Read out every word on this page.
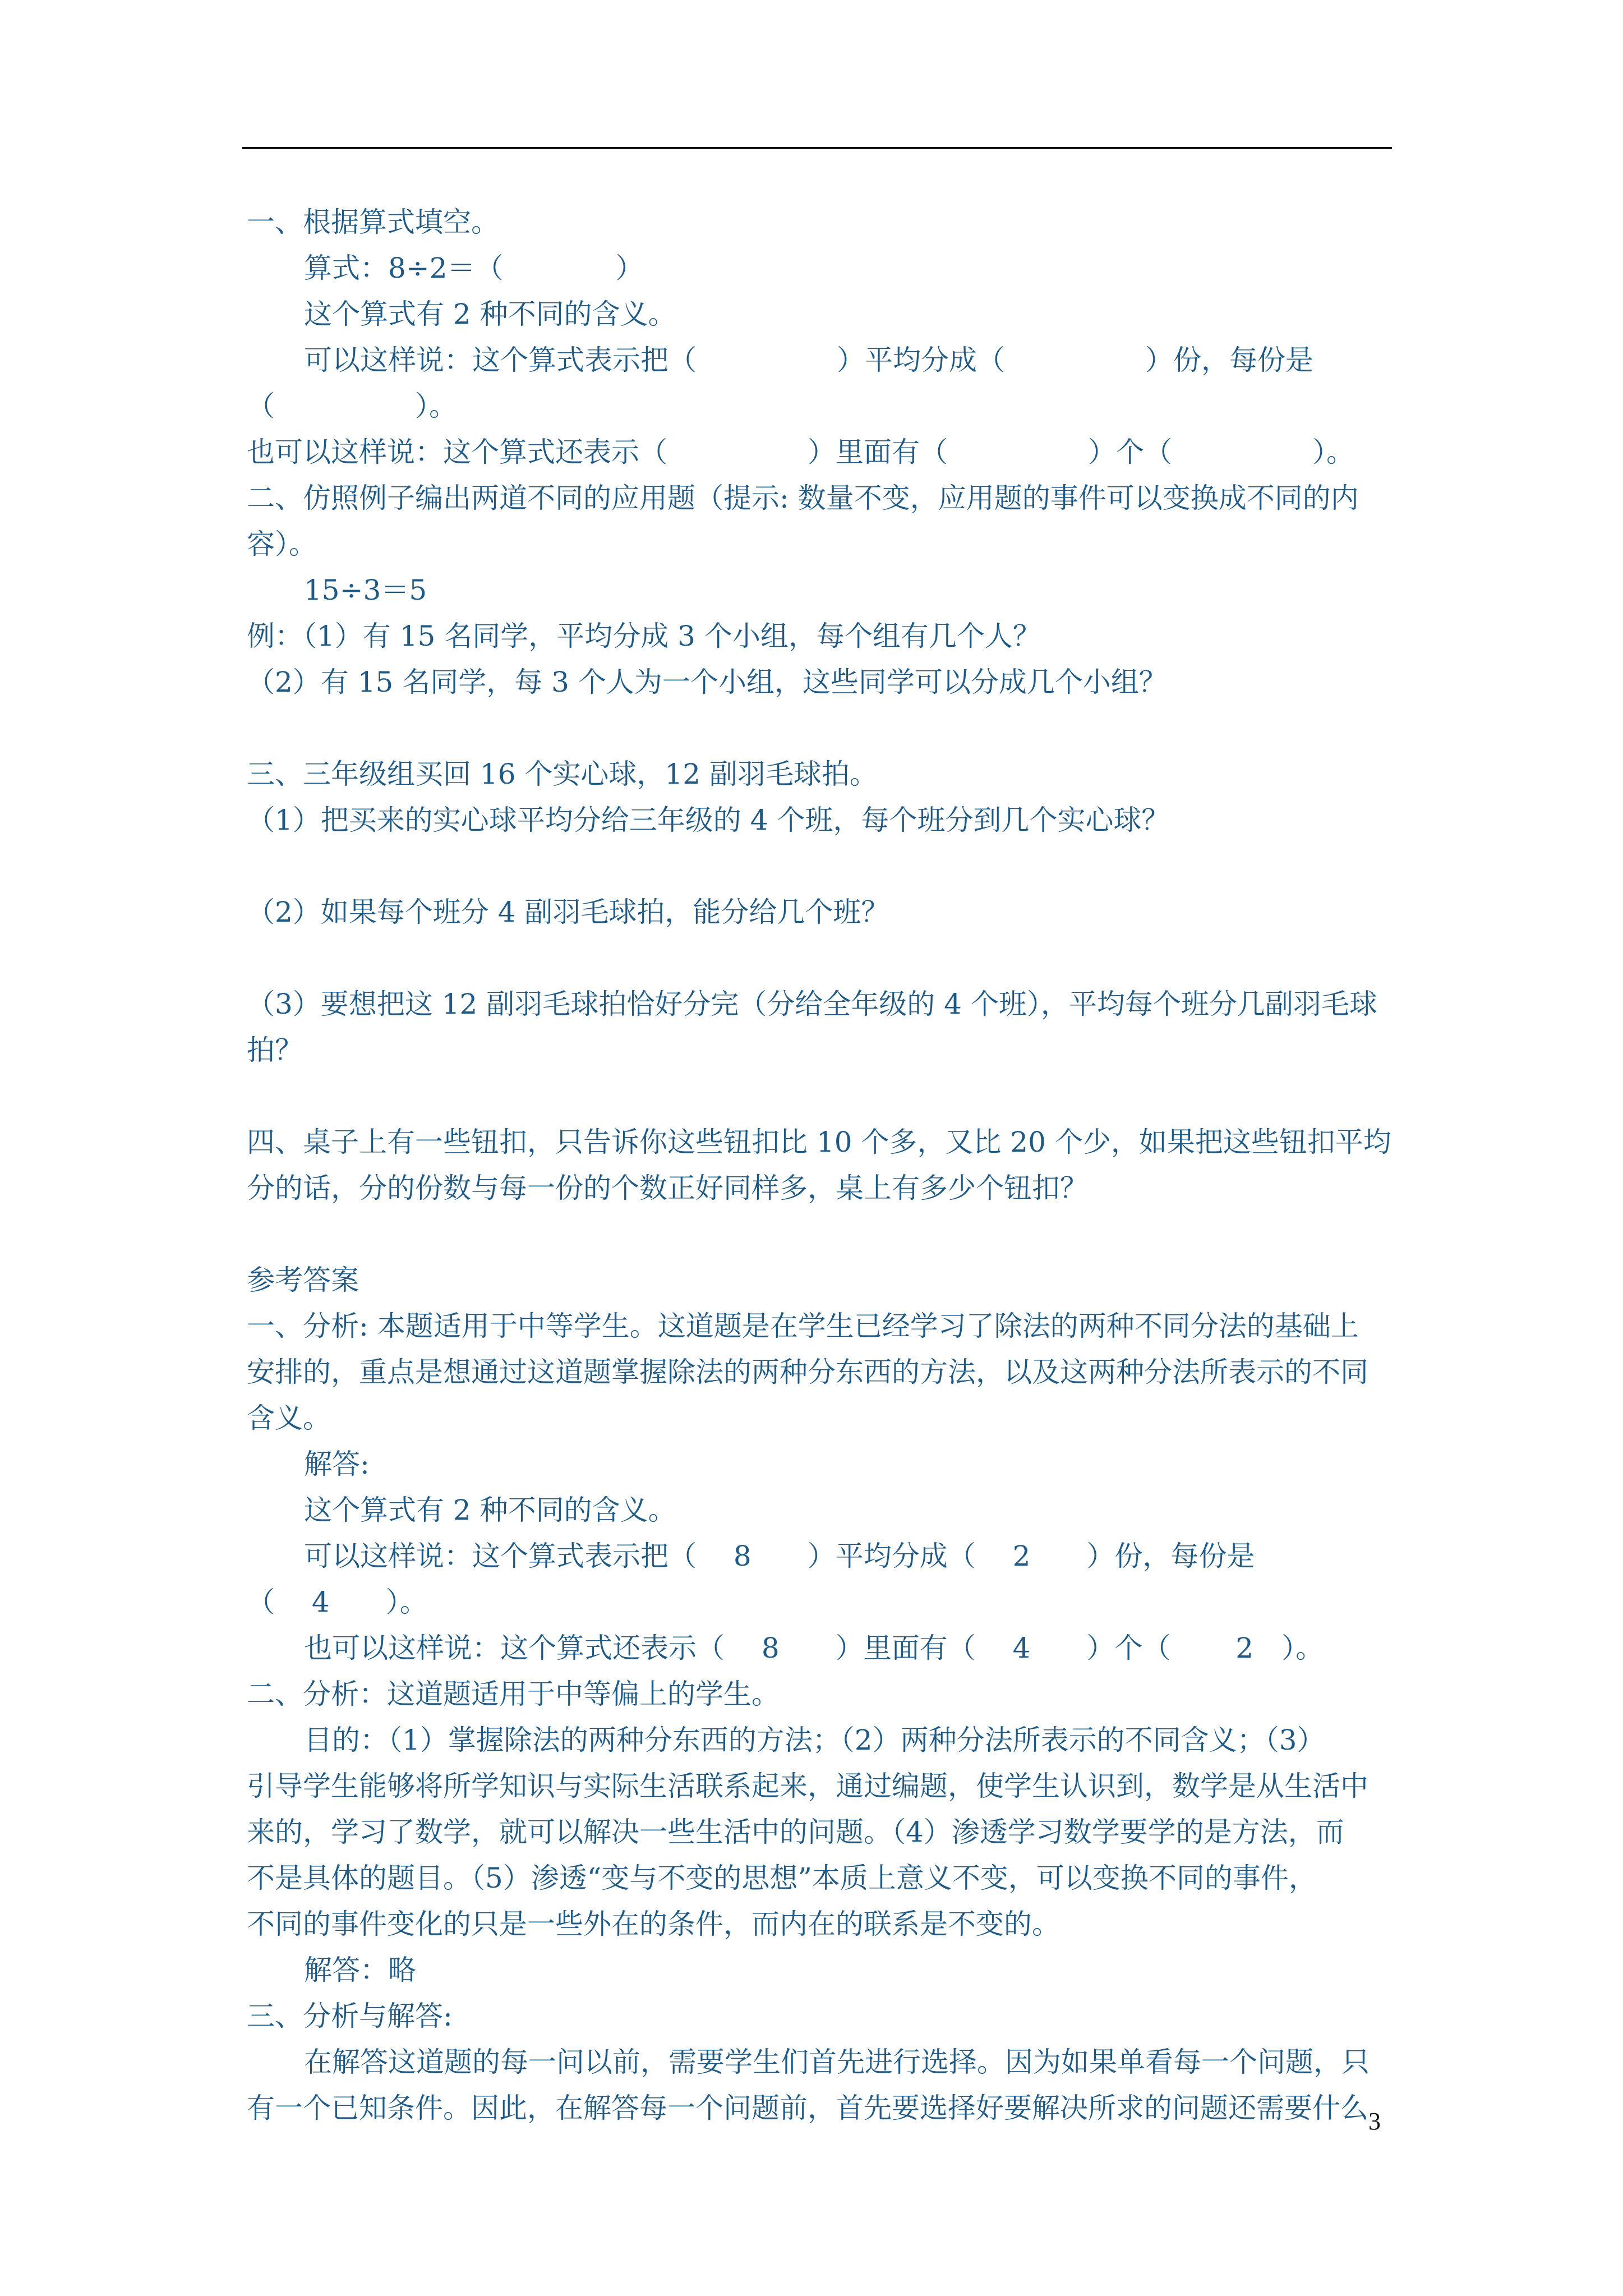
一、根据算式填空。
算式：8÷2＝（　　　　）
这个算式有 2 种不同的含义。
可以这样说：这个算式表示把（　　　　　）平均分成（　　　　　）份，每份是
（　　　　　）。
也可以这样说：这个算式还表示（　　　　　）里面有（　　　　　）个（　　　　　）。
二、仿照例子编出两道不同的应用题（提示: 数量不变，应用题的事件可以变换成不同的内
容）。
15÷3＝5
例：（1）有 15 名同学，平均分成 3 个小组，每个组有几个人？
（2）有 15 名同学，每 3 个人为一个小组，这些同学可以分成几个小组？
三、三年级组买回 16 个实心球，12 副羽毛球拍。
（1）把买来的实心球平均分给三年级的 4 个班，每个班分到几个实心球？
（2）如果每个班分 4 副羽毛球拍，能分给几个班？
（3）要想把这 12 副羽毛球拍恰好分完（分给全年级的 4 个班），平均每个班分几副羽毛球
拍？
四、桌子上有一些钮扣，只告诉你这些钮扣比 10 个多，又比 20 个少，如果把这些钮扣平均
分的话，分的份数与每一份的个数正好同样多，桌上有多少个钮扣？
参考答案
一、分析: 本题适用于中等学生。这道题是在学生已经学习了除法的两种不同分法的基础上
安排的，重点是想通过这道题掌握除法的两种分东西的方法，以及这两种分法所表示的不同
含义。
解答:
这个算式有 2 种不同的含义。
可以这样说：这个算式表示把（　 8　　）平均分成（　 2　　）份，每份是
（　 4　　）。
也可以这样说：这个算式还表示（　 8　　）里面有（　 4　　）个（　　 2　）。
二、分析：这道题适用于中等偏上的学生。
目的：（1）掌握除法的两种分东西的方法；（2）两种分法所表示的不同含义；（3）
引导学生能够将所学知识与实际生活联系起来，通过编题，使学生认识到，数学是从生活中
来的，学习了数学，就可以解决一些生活中的问题。（4）渗透学习数学要学的是方法，而
不是具体的题目。（5）渗透“变与不变的思想”本质上意义不变，可以变换不同的事件，
不同的事件变化的只是一些外在的条件，而内在的联系是不变的。
解答：略
三、分析与解答:
在解答这道题的每一问以前，需要学生们首先进行选择。因为如果单看每一个问题，只
有一个已知条件。因此，在解答每一个问题前，首先要选择好要解决所求的问题还需要什么 3
